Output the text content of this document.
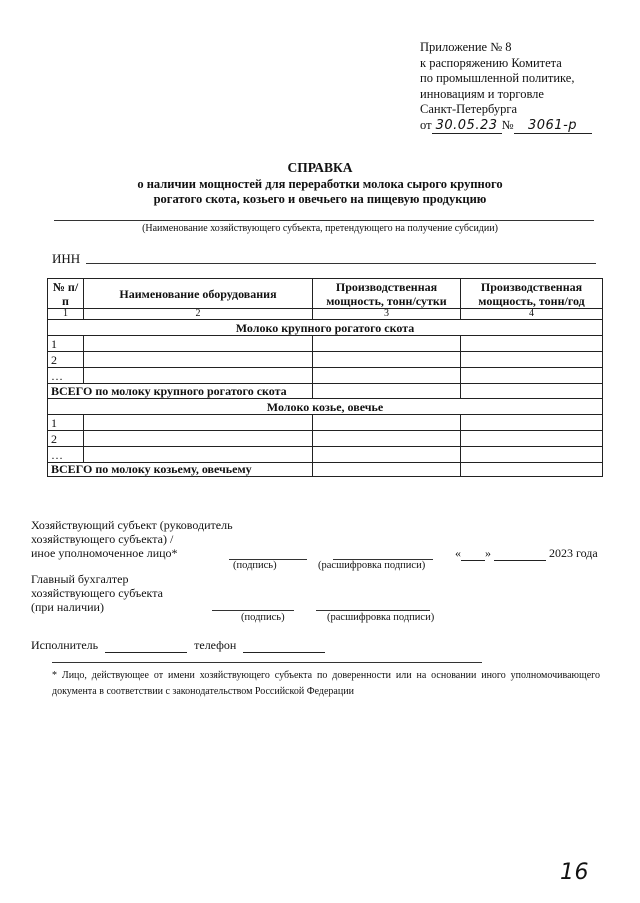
Приложение № 8
к распоряжению Комитета
по промышленной политике,
инновациям и торговле
Санкт-Петербурга
от 30.05.23 № 3061-р
СПРАВКА
о наличии мощностей для переработки молока сырого крупного
рогатого скота, козьего и овечьего на пищевую продукцию
(Наименование хозяйствующего субъекта, претендующего на получение субсидии)
ИНН
№ п/п	Наименование оборудования	Производственная мощность, тонн/сутки	Производственная мощность, тонн/год
1	2	3	4
Молоко крупного рогатого скота			
1			
2			
…			
ВСЕГО по молоку крупного рогатого скота			
Молоко козье, овечье			
1			
2			
…			
ВСЕГО по молоку козьему, овечьему			
Хозяйствующий субъект (руководитель
хозяйствующего субъекта) /
иное уполномоченное лицо*	« »	2023 года
(подпись)	(расшифровка подписи)
Главный бухгалтер
хозяйствующего субъекта
(при наличии)
(подпись)	(расшифровка подписи)
Исполнитель	телефон
* Лицо, действующее от имени хозяйствующего субъекта по доверенности или на основании иного уполномочивающего документа в соответствии с законодательством Российской Федерации
16
